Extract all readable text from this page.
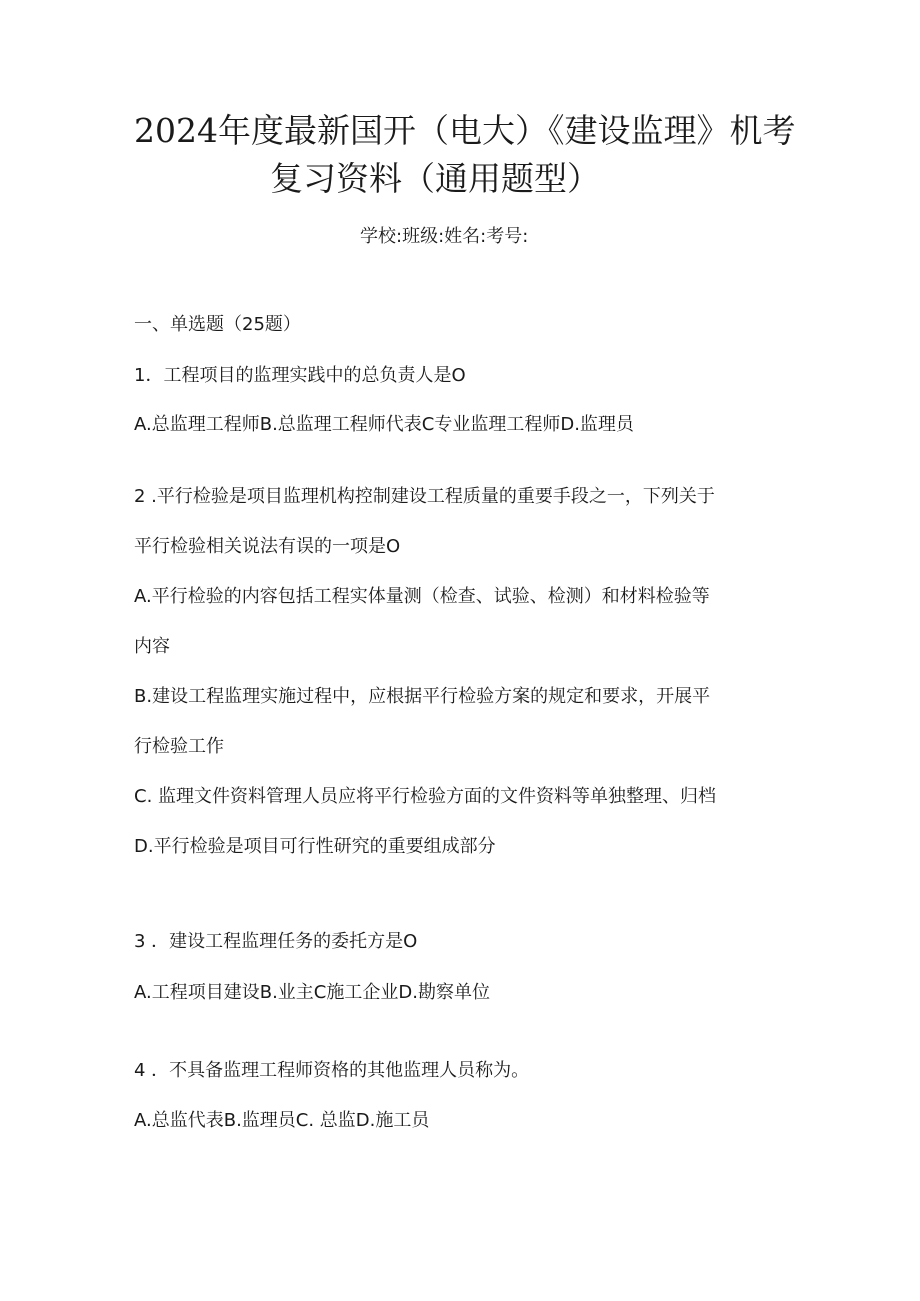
2024年度最新国开（电大）《建设监理》机考
复习资料（通用题型）
学校:班级:姓名:考号:
一、单选题（25题）
1．工程项目的监理实践中的总负责人是O
A.总监理工程师B.总监理工程师代表C专业监理工程师D.监理员
2 .平行检验是项目监理机构控制建设工程质量的重要手段之一，下列关于
平行检验相关说法有误的一项是O
A.平行检验的内容包括工程实体量测（检查、试验、检测）和材料检验等
内容
B.建设工程监理实施过程中，应根据平行检验方案的规定和要求，开展平
行检验工作
C. 监理文件资料管理人员应将平行检验方面的文件资料等单独整理、归档
D.平行检验是项目可行性研究的重要组成部分
3 ．建设工程监理任务的委托方是O
A.工程项目建设B.业主C施工企业D.勘察单位
4 ．不具备监理工程师资格的其他监理人员称为。
A.总监代表B.监理员C. 总监D.施工员
